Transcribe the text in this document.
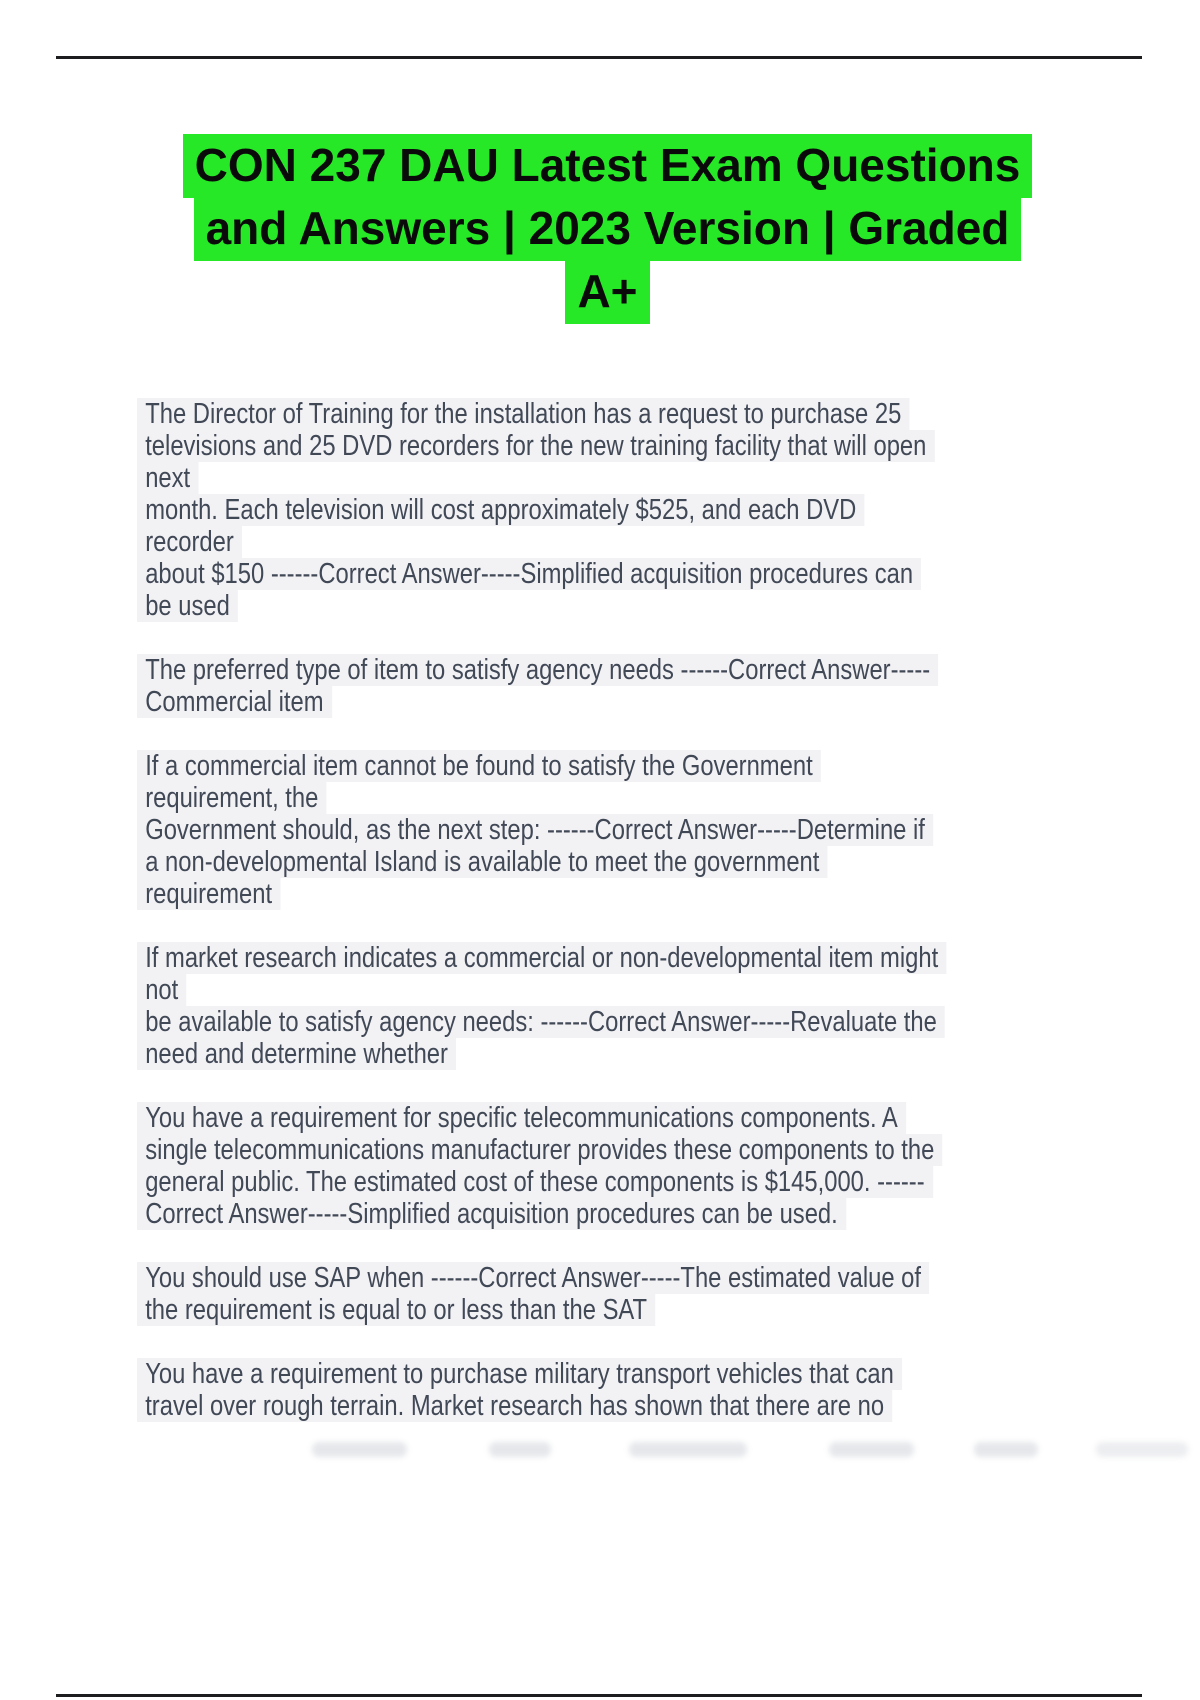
CON 237 DAU Latest Exam Questions
and Answers | 2023 Version | Graded
A+
The Director of Training for the installation has a request to purchase 25
televisions and 25 DVD recorders for the new training facility that will open
next
month. Each television will cost approximately $525, and each DVD
recorder
about $150 ------Correct Answer-----Simplified acquisition procedures can
be used
The preferred type of item to satisfy agency needs ------Correct Answer-----
Commercial item
If a commercial item cannot be found to satisfy the Government
requirement, the
Government should, as the next step: ------Correct Answer-----Determine if
a non-developmental Island is available to meet the government
requirement
If market research indicates a commercial or non-developmental item might
not
be available to satisfy agency needs: ------Correct Answer-----Revaluate the
need and determine whether
You have a requirement for specific telecommunications components. A
single telecommunications manufacturer provides these components to the
general public. The estimated cost of these components is $145,000. ------
Correct Answer-----Simplified acquisition procedures can be used.
You should use SAP when ------Correct Answer-----The estimated value of
the requirement is equal to or less than the SAT
You have a requirement to purchase military transport vehicles that can
travel over rough terrain. Market research has shown that there are no
